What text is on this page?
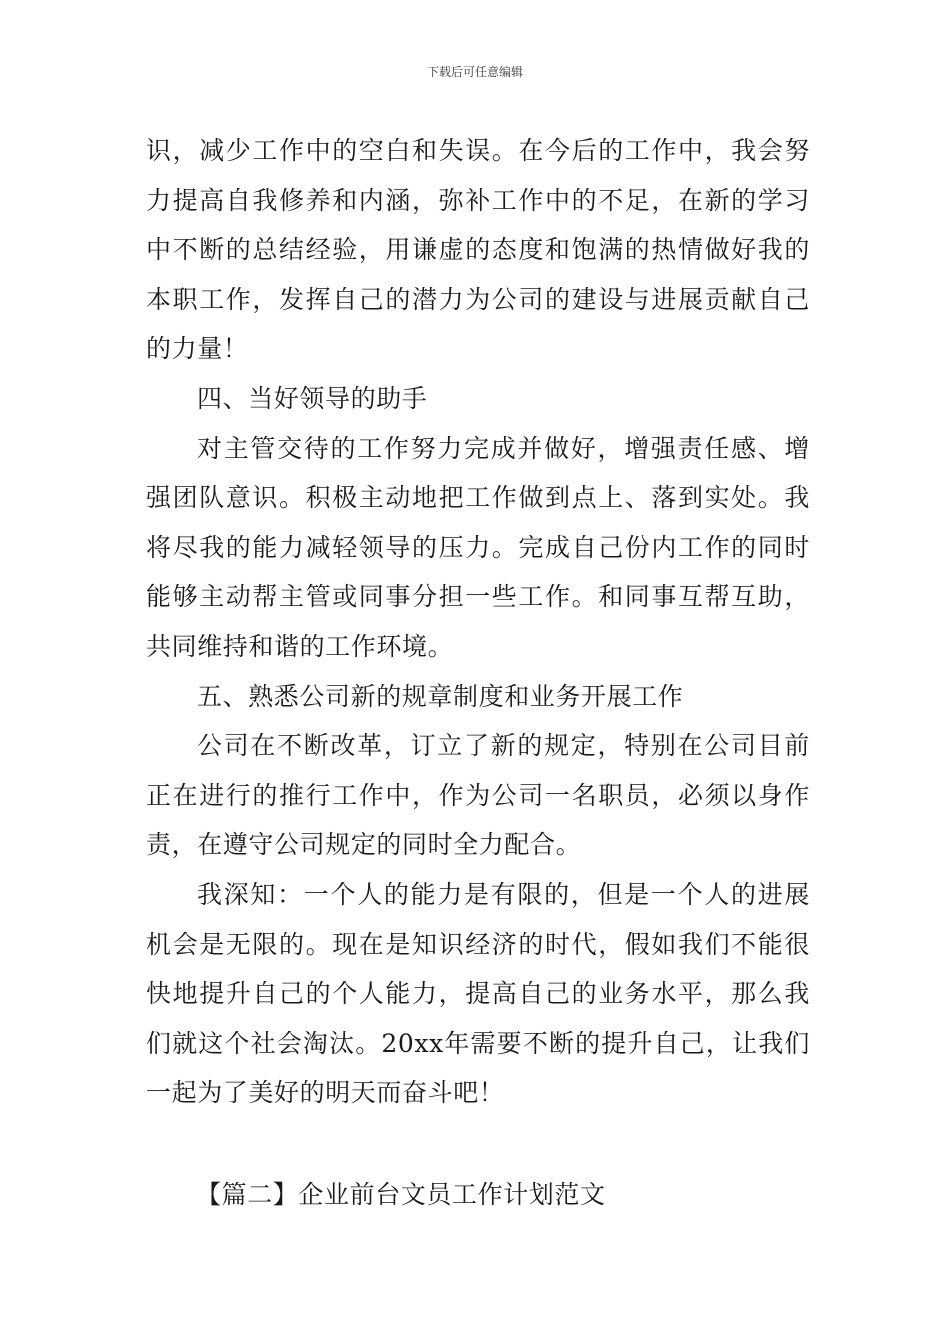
下载后可任意编辑

识，减少工作中的空白和失误。在今后的工作中，我会努力提高自我修养和内涵，弥补工作中的不足，在新的学习中不断的总结经验，用谦虚的态度和饱满的热情做好我的本职工作，发挥自己的潜力为公司的建设与进展贡献自己的力量！

四、当好领导的助手

对主管交待的工作努力完成并做好，增强责任感、增强团队意识。积极主动地把工作做到点上、落到实处。我将尽我的能力减轻领导的压力。完成自己份内工作的同时能够主动帮主管或同事分担一些工作。和同事互帮互助，共同维持和谐的工作环境。

五、熟悉公司新的规章制度和业务开展工作

公司在不断改革，订立了新的规定，特别在公司目前正在进行的推行工作中，作为公司一名职员，必须以身作责，在遵守公司规定的同时全力配合。

我深知：一个人的能力是有限的，但是一个人的进展机会是无限的。现在是知识经济的时代，假如我们不能很快地提升自己的个人能力，提高自己的业务水平，那么我们就这个社会淘汰。20xx年需要不断的提升自己，让我们一起为了美好的明天而奋斗吧！

【篇二】企业前台文员工作计划范文
